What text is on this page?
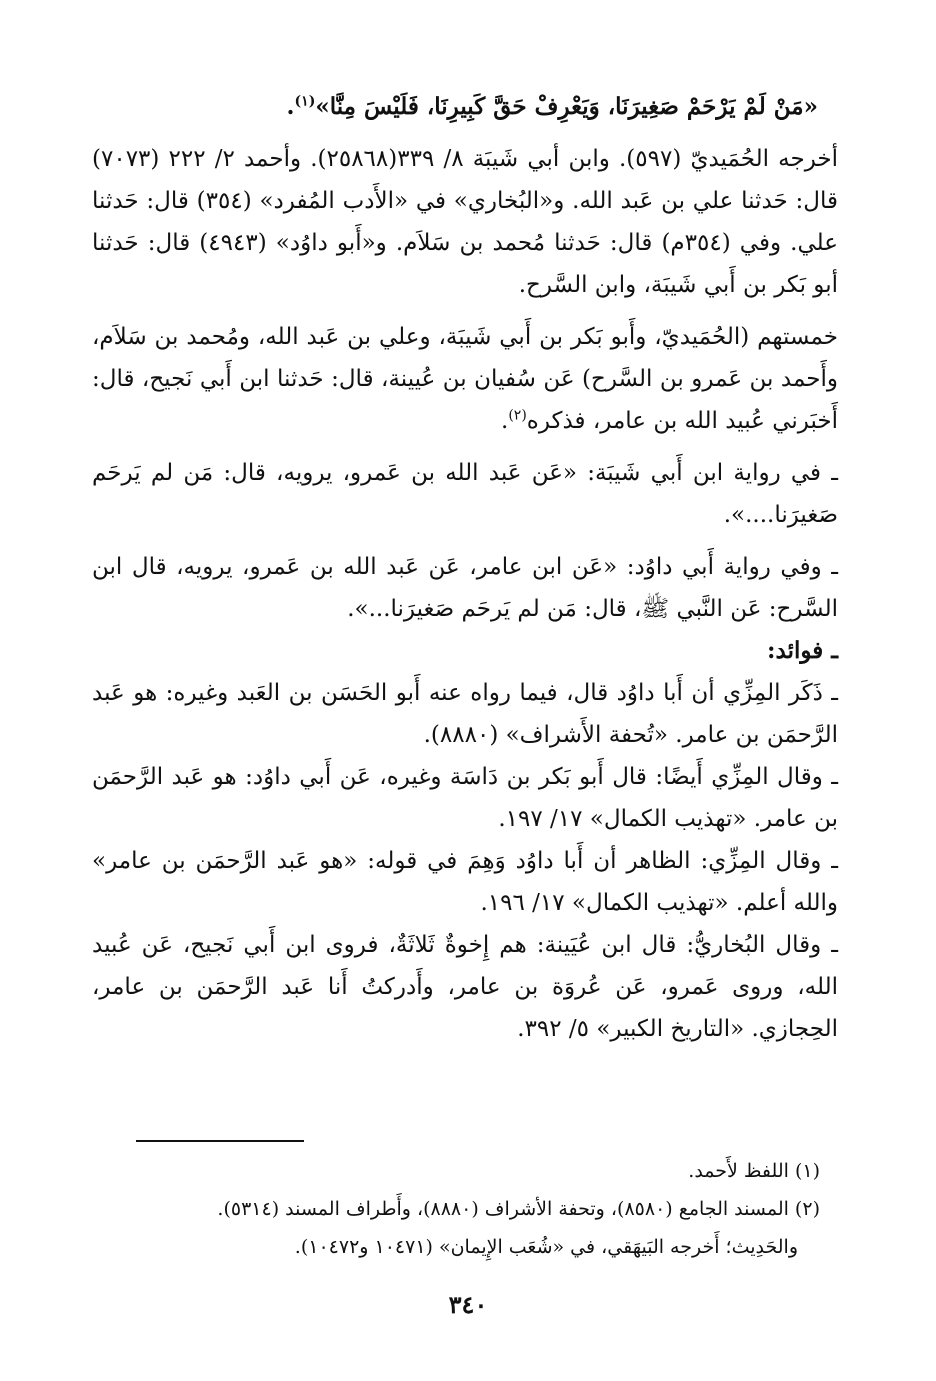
«مَنْ لَمْ يَرْحَمْ صَغِيرَنَا، وَيَعْرِفْ حَقَّ كَبِيرِنَا، فَلَيْسَ مِنَّا»$^{(١)}$.

أخرجه الحُمَيديّ (٥٩٧). وابن أبي شَيبَة ٨/ ٣٣٩(٢٥٨٦٨). وأحمد ٢/ ٢٢٢ (٧٠٧٣) قال: حَدثنا علي بن عَبد الله. و«البُخاري» في «الأَدب المُفرد» (٣٥٤) قال: حَدثنا علي. وفي (٣٥٤م) قال: حَدثنا مُحمد بن سَلاَم. و«أَبو داوُد» (٤٩٤٣) قال: حَدثنا أبو بَكر بن أَبي شَيبَة، وابن السَّرح.

خمستهم (الحُمَيديّ، وأَبو بَكر بن أَبي شَيبَة، وعلي بن عَبد الله، ومُحمد بن سَلاَم، وأَحمد بن عَمرو بن السَّرح) عَن سُفيان بن عُيينة، قال: حَدثنا ابن أَبي نَجيح، قال: أَخبَرني عُبيد الله بن عامر، فذكره$^{(٢)}$.

ـ في رواية ابن أَبي شَيبَة: «عَن عَبد الله بن عَمرو، يرويه، قال: مَن لم يَرحَم صَغيرَنا....».

ـ وفي رواية أَبي داوُد: «عَن ابن عامر، عَن عَبد الله بن عَمرو، يرويه، قال ابن السَّرح: عَن النَّبي ﷺ، قال: مَن لم يَرحَم صَغيرَنا...».

ـ فوائد:

ـ ذَكَر المِزِّي أن أَبا داوُد قال، فيما رواه عنه أَبو الحَسَن بن العَبد وغيره: هو عَبد الرَّحمَن بن عامر. «تُحفة الأَشراف» (٨٨٨٠).

ـ وقال المِزِّي أَيضًا: قال أَبو بَكر بن دَاسَة وغيره، عَن أَبي داوُد: هو عَبد الرَّحمَن بن عامر. «تهذيب الكمال» ١٧/ ١٩٧.

ـ وقال المِزِّي: الظاهر أن أَبا داوُد وَهِمَ في قوله: «هو عَبد الرَّحمَن بن عامر» والله أعلم. «تهذيب الكمال» ١٧/ ١٩٦.

ـ وقال البُخاريُّ: قال ابن عُيَينة: هم إِخوةٌ ثَلاثَةٌ، فروى ابن أَبي نَجيح، عَن عُبيد الله، وروى عَمرو، عَن عُروَة بن عامر، وأَدركتُ أَنا عَبد الرَّحمَن بن عامر، الحِجازي. «التاريخ الكبير» ٥/ ٣٩٢.

(١) اللفظ لأَحمد.

(٢) المسند الجامع (٨٥٨٠)، وتحفة الأشراف (٨٨٨٠)، وأَطراف المسند (٥٣١٤).

والحَدِيث؛ أَخرجه البَيهَقي، في «شُعَب الإِيمان» (١٠٤٧١ و١٠٤٧٢).

٣٤٠
